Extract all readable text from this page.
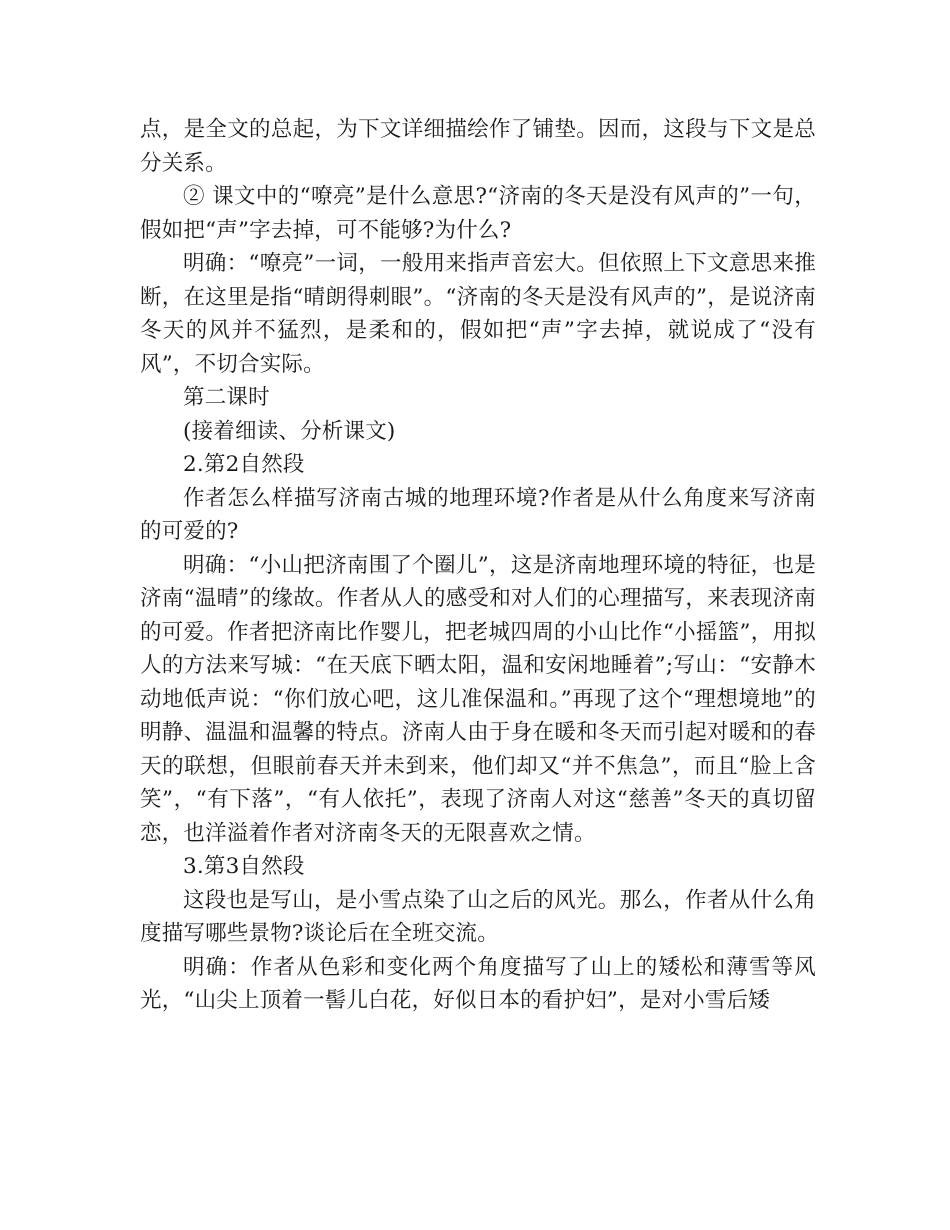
点，是全文的总起，为下文详细描绘作了铺垫。因而，这段与下文是总分关系。

② 课文中的“嘹亮”是什么意思?“济南的冬天是没有风声的”一句，假如把“声”字去掉，可不能够?为什么?

明确：“嘹亮”一词，一般用来指声音宏大。但依照上下文意思来推断，在这里是指“晴朗得刺眼”。“济南的冬天是没有风声的”，是说济南冬天的风并不猛烈，是柔和的，假如把“声”字去掉，就说成了“没有风”，不切合实际。

第二课时

(接着细读、分析课文)

2.第2自然段

作者怎么样描写济南古城的地理环境?作者是从什么角度来写济南的可爱的?

明确：“小山把济南围了个圈儿”，这是济南地理环境的特征，也是济南“温晴”的缘故。作者从人的感受和对人们的心理描写，来表现济南的可爱。作者把济南比作婴儿，把老城四周的小山比作“小摇篮”，用拟人的方法来写城：“在天底下晒太阳，温和安闲地睡着”;写山：“安静木动地低声说：“你们放心吧，这儿准保温和。”再现了这个“理想境地”的明静、温温和温馨的特点。济南人由于身在暖和冬天而引起对暖和的春天的联想，但眼前春天并未到来，他们却又“并不焦急”，而且“脸上含笑”，“有下落”，“有人依托”，表现了济南人对这“慈善”冬天的真切留恋，也洋溢着作者对济南冬天的无限喜欢之情。

3.第3自然段

这段也是写山，是小雪点染了山之后的风光。那么，作者从什么角度描写哪些景物?谈论后在全班交流。

明确：作者从色彩和变化两个角度描写了山上的矮松和薄雪等风光，“山尖上顶着一髻儿白花，好似日本的看护妇”，是对小雪后矮
